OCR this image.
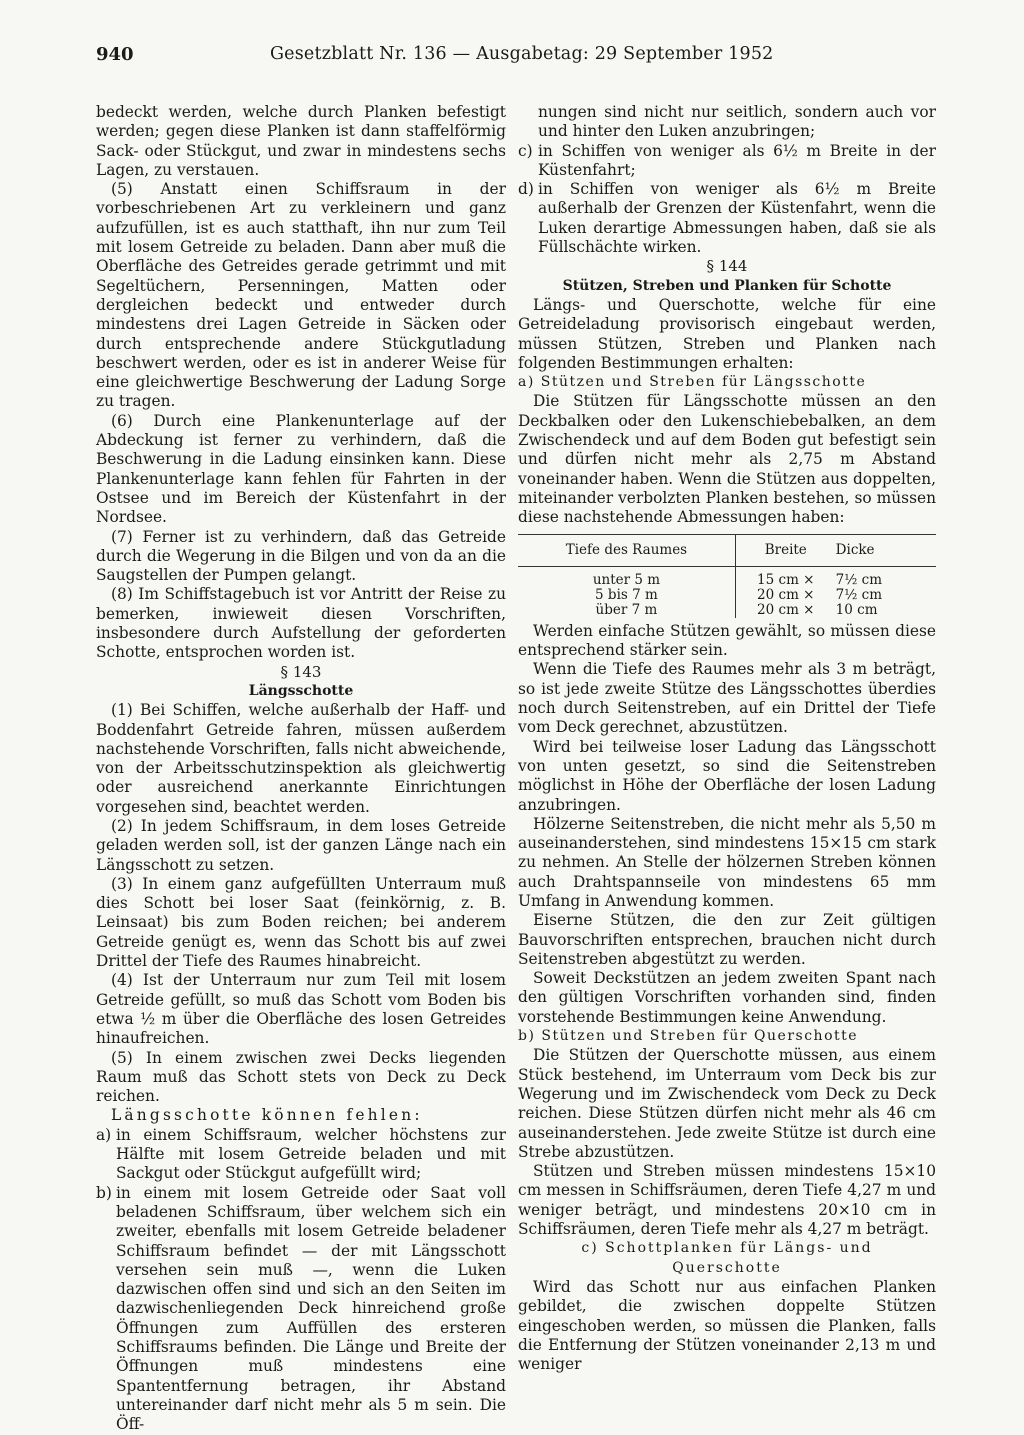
940	Gesetzblatt Nr. 136 — Ausgabetag: 29 September 1952

bedeckt werden, welche durch Planken befestigt werden; gegen diese Planken ist dann staffelförmig Sack- oder Stückgut, und zwar in mindestens sechs Lagen, zu verstauen.

(5) Anstatt einen Schiffsraum in der vorbeschriebenen Art zu verkleinern und ganz aufzufüllen, ist es auch statthaft, ihn nur zum Teil mit losem Getreide zu beladen. Dann aber muß die Oberfläche des Getreides gerade getrimmt und mit Segeltüchern, Persenningen, Matten oder dergleichen bedeckt und entweder durch mindestens drei Lagen Getreide in Säcken oder durch entsprechende andere Stückgutladung beschwert werden, oder es ist in anderer Weise für eine gleichwertige Beschwerung der Ladung Sorge zu tragen.

(6) Durch eine Plankenunterlage auf der Abdeckung ist ferner zu verhindern, daß die Beschwerung in die Ladung einsinken kann. Diese Plankenunterlage kann fehlen für Fahrten in der Ostsee und im Bereich der Küstenfahrt in der Nordsee.

(7) Ferner ist zu verhindern, daß das Getreide durch die Wegerung in die Bilgen und von da an die Saugstellen der Pumpen gelangt.

(8) Im Schiffstagebuch ist vor Antritt der Reise zu bemerken, inwieweit diesen Vorschriften, insbesondere durch Aufstellung der geforderten Schotte, entsprochen worden ist.

§ 143

Längsschotte

(1) Bei Schiffen, welche außerhalb der Haff- und Boddenfahrt Getreide fahren, müssen außerdem nachstehende Vorschriften, falls nicht abweichende, von der Arbeitsschutzinspektion als gleichwertig oder ausreichend anerkannte Einrichtungen vorgesehen sind, beachtet werden.

(2) In jedem Schiffsraum, in dem loses Getreide geladen werden soll, ist der ganzen Länge nach ein Längsschott zu setzen.

(3) In einem ganz aufgefüllten Unterraum muß dies Schott bei loser Saat (feinkörnig, z. B. Leinsaat) bis zum Boden reichen; bei anderem Getreide genügt es, wenn das Schott bis auf zwei Drittel der Tiefe des Raumes hinabreicht.

(4) Ist der Unterraum nur zum Teil mit losem Getreide gefüllt, so muß das Schott vom Boden bis etwa ½ m über die Oberfläche des losen Getreides hinaufreichen.

(5) In einem zwischen zwei Decks liegenden Raum muß das Schott stets von Deck zu Deck reichen.

Längsschotte können fehlen:

a) in einem Schiffsraum, welcher höchstens zur Hälfte mit losem Getreide beladen und mit Sackgut oder Stückgut aufgefüllt wird;
b) in einem mit losem Getreide oder Saat voll beladenen Schiffsraum, über welchem sich ein zweiter, ebenfalls mit losem Getreide beladener Schiffsraum befindet — der mit Längsschott versehen sein muß —, wenn die Luken dazwischen offen sind und sich an den Seiten im dazwischenliegenden Deck hinreichend große Öffnungen zum Auffüllen des ersteren Schiffsraums befinden. Die Länge und Breite der Öffnungen muß mindestens eine Spantentfernung betragen, ihr Abstand untereinander darf nicht mehr als 5 m sein. Die Öff-

nungen sind nicht nur seitlich, sondern auch vor und hinter den Luken anzubringen;

c) in Schiffen von weniger als 6½ m Breite in der Küstenfahrt;
d) in Schiffen von weniger als 6½ m Breite außerhalb der Grenzen der Küstenfahrt, wenn die Luken derartige Abmessungen haben, daß sie als Füllschächte wirken.

§ 144

Stützen, Streben und Planken für Schotte

Längs- und Querschotte, welche für eine Getreideladung provisorisch eingebaut werden, müssen Stützen, Streben und Planken nach folgenden Bestimmungen erhalten:

a) Stützen und Streben für Längsschotte

Die Stützen für Längsschotte müssen an den Deckbalken oder den Lukenschiebebalken, an dem Zwischendeck und auf dem Boden gut befestigt sein und dürfen nicht mehr als 2,75 m Abstand voneinander haben. Wenn die Stützen aus doppelten, miteinander verbolzten Planken bestehen, so müssen diese nachstehende Abmessungen haben:

Tiefe des Raumes	Breite	Dicke
unter 5 m	15 cm ×	7½ cm
5 bis 7 m	20 cm ×	7½ cm
über 7 m	20 cm ×	10 cm

Werden einfache Stützen gewählt, so müssen diese entsprechend stärker sein.

Wenn die Tiefe des Raumes mehr als 3 m beträgt, so ist jede zweite Stütze des Längsschottes überdies noch durch Seitenstreben, auf ein Drittel der Tiefe vom Deck gerechnet, abzustützen.

Wird bei teilweise loser Ladung das Längsschott von unten gesetzt, so sind die Seitenstreben möglichst in Höhe der Oberfläche der losen Ladung anzubringen.

Hölzerne Seitenstreben, die nicht mehr als 5,50 m auseinanderstehen, sind mindestens 15×15 cm stark zu nehmen. An Stelle der hölzernen Streben können auch Drahtspannseile von mindestens 65 mm Umfang in Anwendung kommen.

Eiserne Stützen, die den zur Zeit gültigen Bauvorschriften entsprechen, brauchen nicht durch Seitenstreben abgestützt zu werden.

Soweit Deckstützen an jedem zweiten Spant nach den gültigen Vorschriften vorhanden sind, finden vorstehende Bestimmungen keine Anwendung.

b) Stützen und Streben für Querschotte

Die Stützen der Querschotte müssen, aus einem Stück bestehend, im Unterraum vom Deck bis zur Wegerung und im Zwischendeck vom Deck zu Deck reichen. Diese Stützen dürfen nicht mehr als 46 cm auseinanderstehen. Jede zweite Stütze ist durch eine Strebe abzustützen.

Stützen und Streben müssen mindestens 15×10 cm messen in Schiffsräumen, deren Tiefe 4,27 m und weniger beträgt, und mindestens 20×10 cm in Schiffsräumen, deren Tiefe mehr als 4,27 m beträgt.

c) Schottplanken für Längs- und

Querschotte

Wird das Schott nur aus einfachen Planken gebildet, die zwischen doppelte Stützen eingeschoben werden, so müssen die Planken, falls die Entfernung der Stützen voneinander 2,13 m und weniger
